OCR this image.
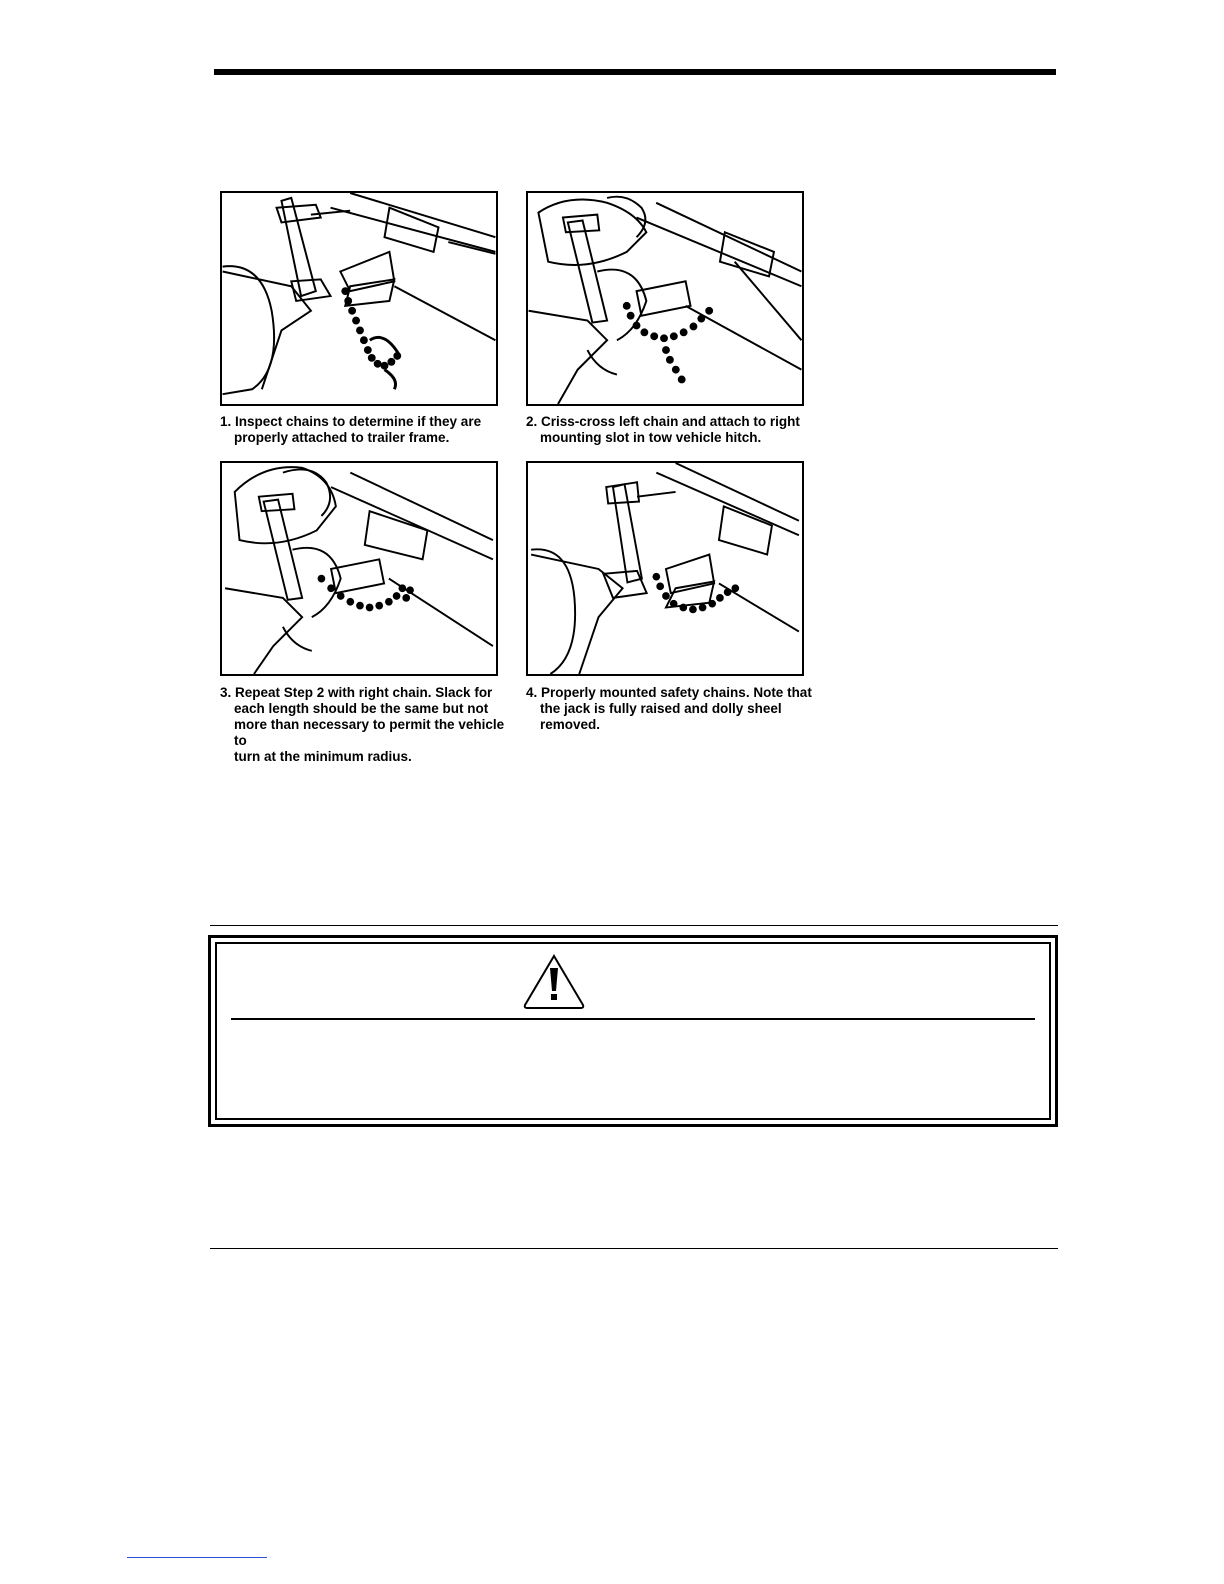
1. Inspect chains to determine if they are
properly attached to trailer frame.
2. Criss-cross left chain and attach to right
mounting slot in tow vehicle hitch.
3. Repeat Step 2 with right chain. Slack for
each length should be the same but not
more than necessary to permit the vehicle to
turn at the minimum radius.
4. Properly mounted safety chains. Note that
the jack is fully raised and dolly sheel
removed.
